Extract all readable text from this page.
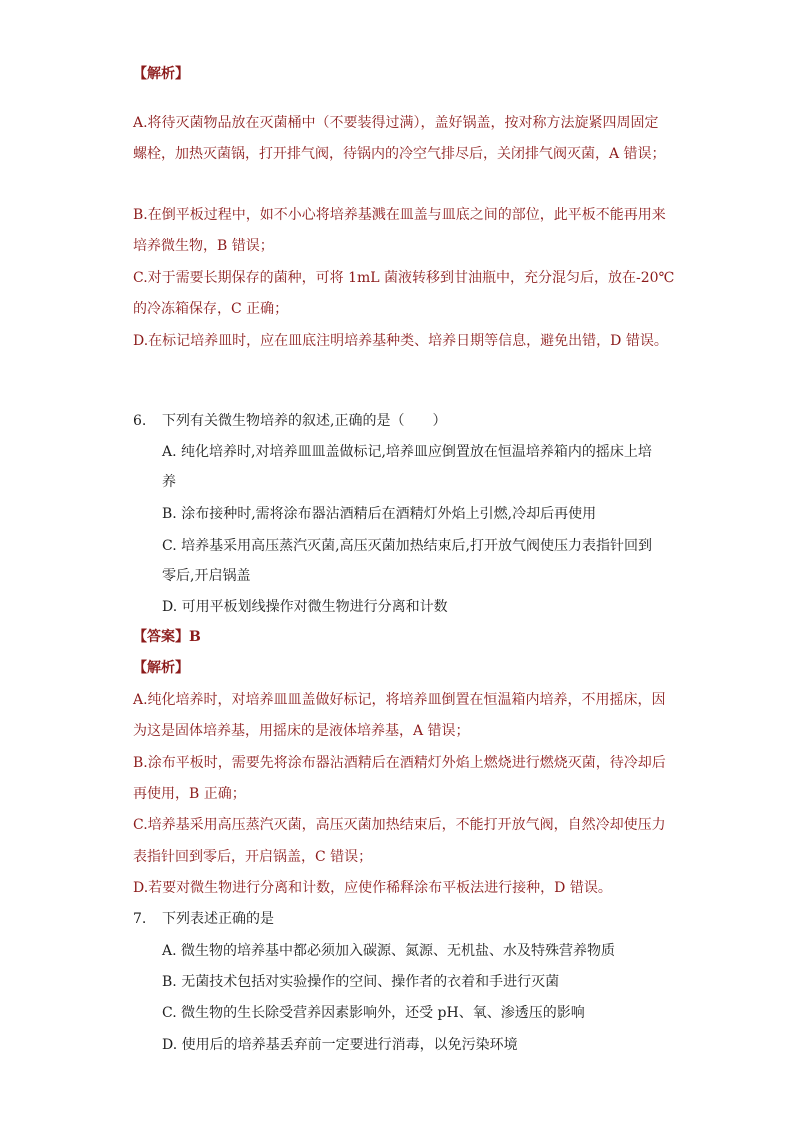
【解析】
A.将待灭菌物品放在灭菌桶中（不要装得过满），盖好锅盖，按对称方法旋紧四周固定
螺栓，加热灭菌锅，打开排气阀，待锅内的冷空气排尽后，关闭排气阀灭菌，A 错误；
B.在倒平板过程中，如不小心将培养基溅在皿盖与皿底之间的部位，此平板不能再用来
培养微生物，B 错误；
C.对于需要长期保存的菌种，可将 1mL 菌液转移到甘油瓶中，充分混匀后，放在-20℃
的冷冻箱保存，C 正确；
D.在标记培养皿时，应在皿底注明培养基种类、培养日期等信息，避免出错，D 错误。
6. 下列有关微生物培养的叙述,正确的是（　　）
A. 纯化培养时,对培养皿皿盖做标记,培养皿应倒置放在恒温培养箱内的摇床上培
养
B. 涂布接种时,需将涂布器沾酒精后在酒精灯外焰上引燃,冷却后再使用
C. 培养基采用高压蒸汽灭菌,高压灭菌加热结束后,打开放气阀使压力表指针回到
零后,开启锅盖
D. 可用平板划线操作对微生物进行分离和计数
【答案】B
【解析】
A.纯化培养时，对培养皿皿盖做好标记，将培养皿倒置在恒温箱内培养，不用摇床，因
为这是固体培养基，用摇床的是液体培养基，A 错误；
B.涂布平板时，需要先将涂布器沾酒精后在酒精灯外焰上燃烧进行燃烧灭菌，待冷却后
再使用，B 正确；
C.培养基采用高压蒸汽灭菌，高压灭菌加热结束后，不能打开放气阀，自然冷却使压力
表指针回到零后，开启锅盖，C 错误；
D.若要对微生物进行分离和计数，应使作稀释涂布平板法进行接种，D 错误。
7. 下列表述正确的是
A. 微生物的培养基中都必须加入碳源、氮源、无机盐、水及特殊营养物质
B. 无菌技术包括对实验操作的空间、操作者的衣着和手进行灭菌
C. 微生物的生长除受营养因素影响外，还受 pH、氧、渗透压的影响
D. 使用后的培养基丢弃前一定要进行消毒，以免污染环境
